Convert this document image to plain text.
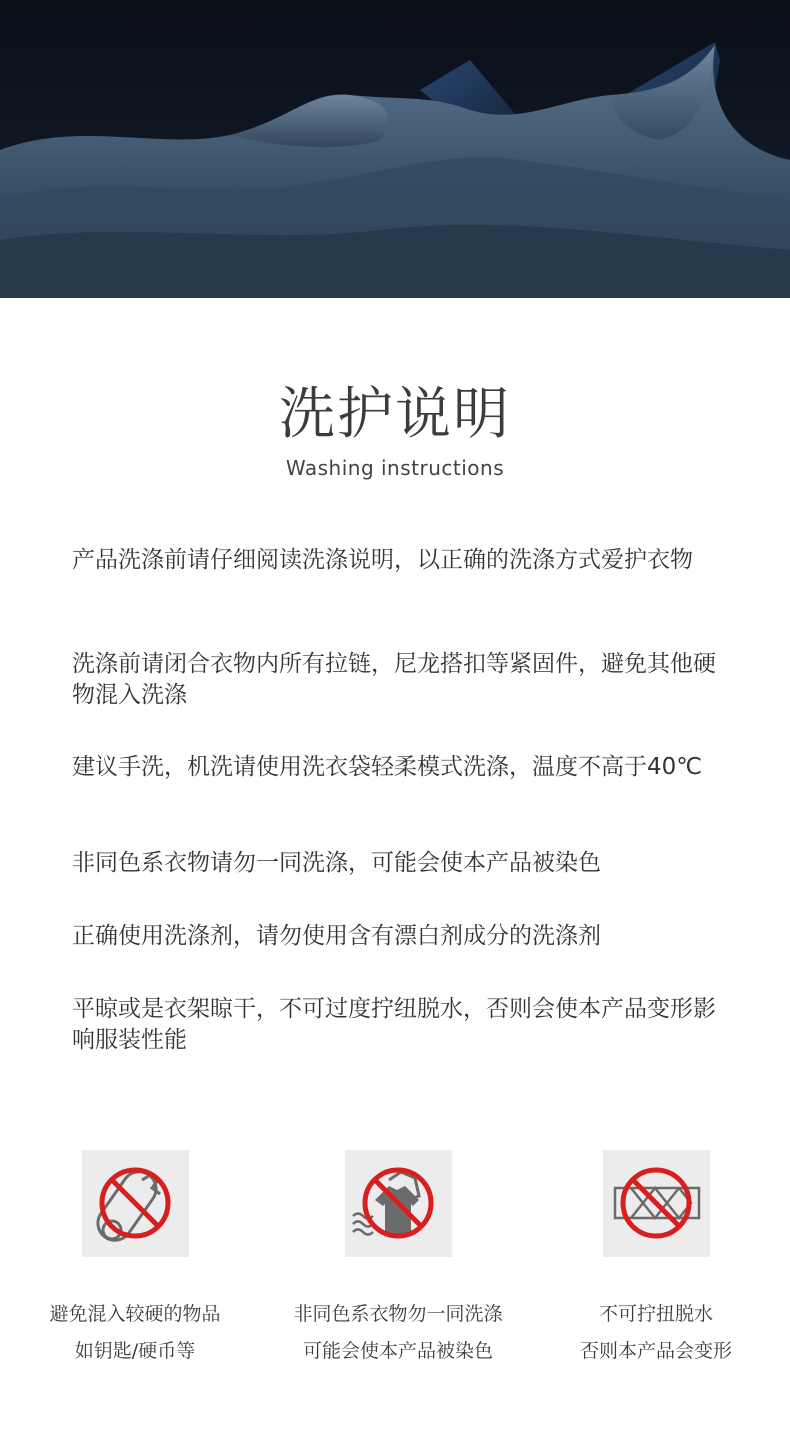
洗护说明
Washing instructions

产品洗涤前请仔细阅读洗涤说明，以正确的洗涤方式爱护衣物

洗涤前请闭合衣物内所有拉链，尼龙搭扣等紧固件，避免其他硬物混入洗涤

建议手洗，机洗请使用洗衣袋轻柔模式洗涤，温度不高于40℃

非同色系衣物请勿一同洗涤，可能会使本产品被染色

正确使用洗涤剂，请勿使用含有漂白剂成分的洗涤剂

平晾或是衣架晾干，不可过度拧纽脱水，否则会使本产品变形影响服装性能

避免混入较硬的物品
如钥匙/硬币等
非同色系衣物勿一同洗涤
可能会使本产品被染色
不可拧扭脱水
否则本产品会变形
